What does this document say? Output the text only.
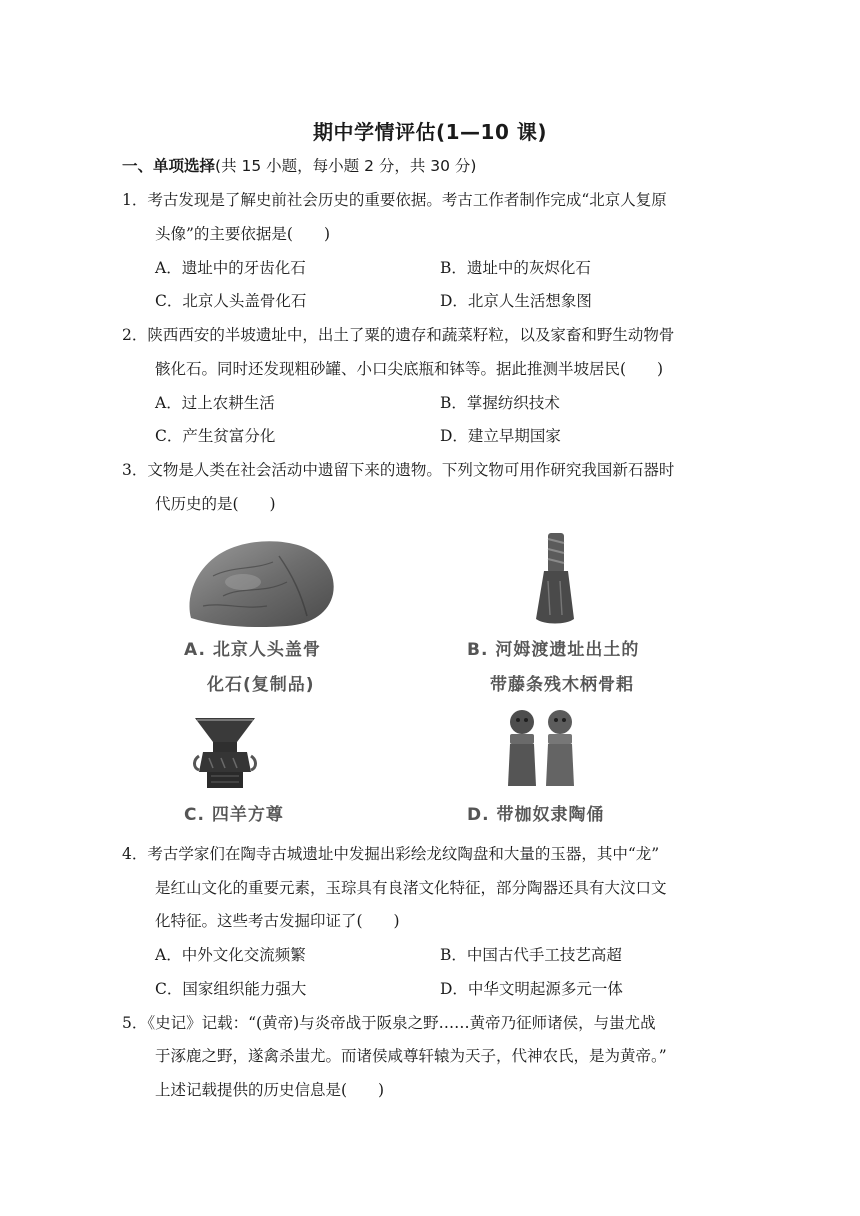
期中学情评估(1—10 课)
一、单项选择(共 15 小题，每小题 2 分，共 30 分)
1．考古发现是了解史前社会历史的重要依据。考古工作者制作完成“北京人复原
头像”的主要依据是(　　)
A．遗址中的牙齿化石	B．遗址中的灰烬化石
C．北京人头盖骨化石	D．北京人生活想象图
2．陕西西安的半坡遗址中，出土了粟的遗存和蔬菜籽粒，以及家畜和野生动物骨
骸化石。同时还发现粗砂罐、小口尖底瓶和钵等。据此推测半坡居民(　　)
A．过上农耕生活	B．掌握纺织技术
C．产生贫富分化	D．建立早期国家
3．文物是人类在社会活动中遗留下来的遗物。下列文物可用作研究我国新石器时
代历史的是(　　)
A. 北京人头盖骨
化石(复制品)
B. 河姆渡遗址出土的
带藤条残木柄骨耜
C. 四羊方尊	D. 带枷奴隶陶俑
4．考古学家们在陶寺古城遗址中发掘出彩绘龙纹陶盘和大量的玉器，其中“龙”
是红山文化的重要元素，玉琮具有良渚文化特征，部分陶器还具有大汶口文
化特征。这些考古发掘印证了(　　)
A．中外文化交流频繁	B．中国古代手工技艺高超
C．国家组织能力强大	D．中华文明起源多元一体
5．《史记》记载：“(黄帝)与炎帝战于阪泉之野……黄帝乃征师诸侯，与蚩尤战
于涿鹿之野，遂禽杀蚩尤。而诸侯咸尊轩辕为天子，代神农氏，是为黄帝。”
上述记载提供的历史信息是(　　)
